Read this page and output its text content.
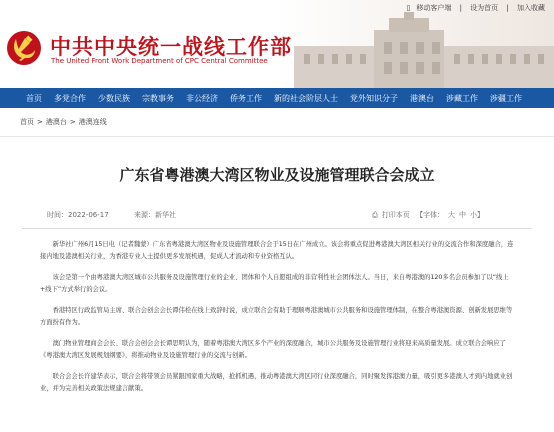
中共中央统一战线工作部
The United Front Work Department of CPC Central Committee
▯ 移动客户端 | 设为首页 | 加入收藏
首页 多党合作 少数民族 宗教事务 非公经济 侨务工作 新的社会阶层人士 党外知识分子 港澳台 涉藏工作 涉疆工作
首页 > 港澳台 > 港澳连线
广东省粤港澳大湾区物业及设施管理联合会成立
时间：2022-06-17	来源：新华社	⎙ 打印本页 【字体： 大 中 小】

新华社广州6月15日电（记者魏蒙）广东省粤港澳大湾区物业及设施管理联合会于15日在广州成立。该会将重点促进粤港澳大湾区相关行业的交流合作和深度融合，连接内地及港澳相关行业，为香港专业人士提供更多发展机遇，促成人才流动和专业资格互认。

该会是第一个由粤港澳大湾区城市公共服务及设施管理行业的企业、团体和个人自愿组成的非营利性社会团体法人。当日，来自粤港澳的120多名会员参加了以“线上+线下”方式举行的会议。

香港特区行政监管局主席、联合会创会会长谭伟栓在线上致辞时说，成立联合会有助于理顺粤港澳城市公共服务和设施管理体制，在整合粤港澳资源、创新发展思维等方面扮有作为。

澳门物业管理商会会长、联合会创会会长谭思明认为，随着粤港澳大湾区多个产业的深度融合，城市公共服务及设施管理行业将迎来高质量发展。成立联合会响应了《粤港澳大湾区发展规划纲要》，将推动物业及设施管理行业的交流与创新。

联合会会长许建华表示，联合会将带领会员紧跟国家重大战略，抢抓机遇，推动粤港澳大湾区同行业深度融合，同时聚发挥港澳力量，吸引更多港澳人才到内地就业创业，并为完善相关政策法规建言献策。
